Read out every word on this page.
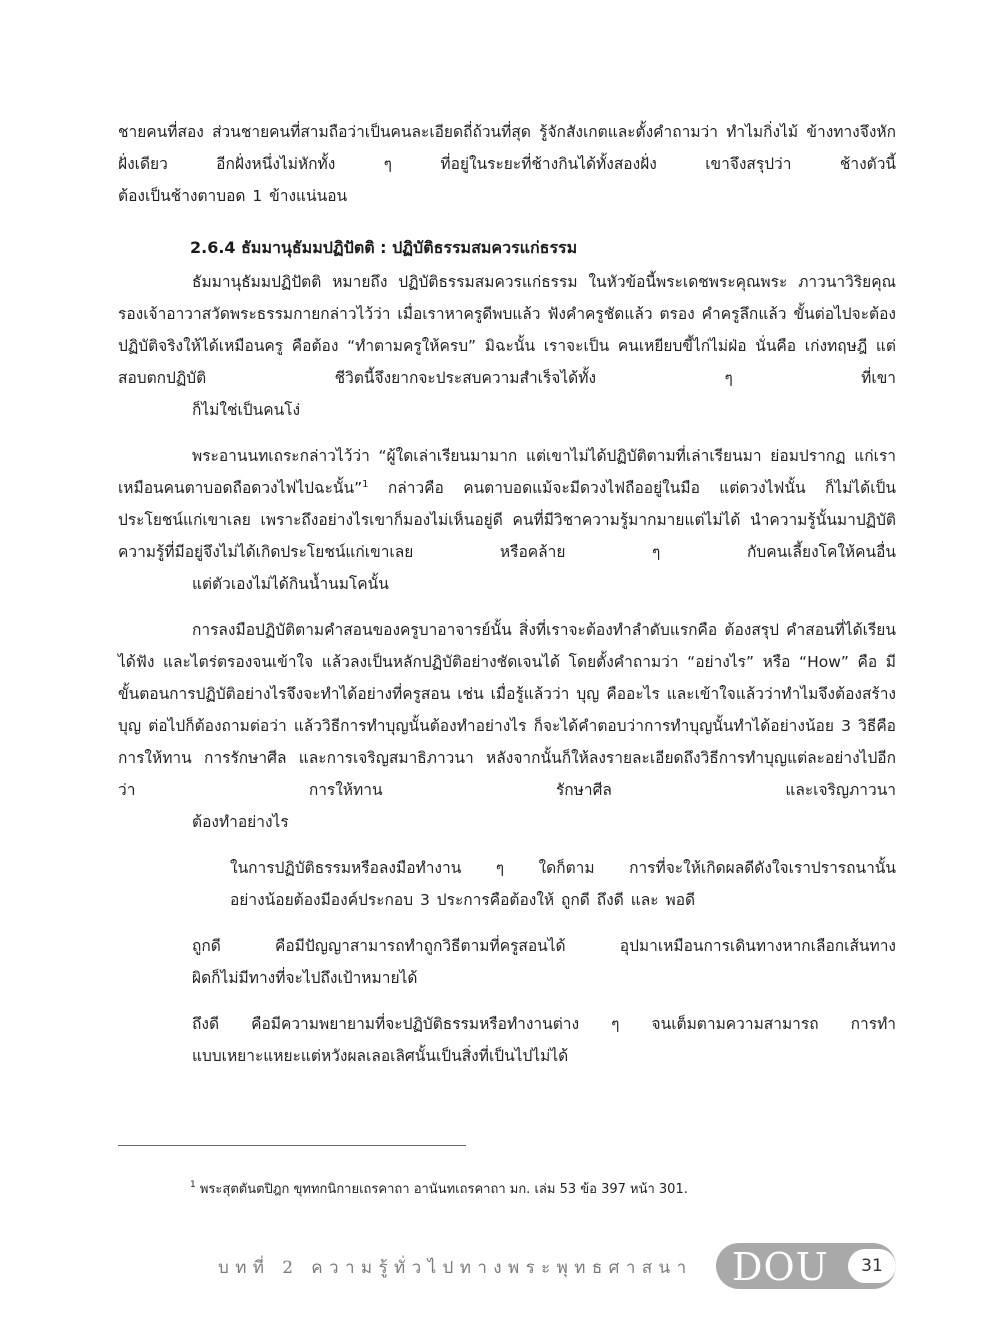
ชายคนที่สอง ส่วนชายคนที่สามถือว่าเป็นคนละเอียดถี่ถ้วนที่สุด รู้จักสังเกตและตั้งคำถามว่า ทำไมกิ่งไม้ ข้างทางจึงหักฝั่งเดียว อีกฝั่งหนึ่งไม่หักทั้ง ๆ ที่อยู่ในระยะที่ช้างกินได้ทั้งสองฝั่ง เขาจึงสรุปว่า ช้างตัวนี้
ต้องเป็นช้างตาบอด 1 ข้างแน่นอน

2.6.4 ธัมมานุธัมมปฏิปัตติ : ปฏิบัติธรรมสมควรแก่ธรรม

ธัมมานุธัมมปฏิปัตติ หมายถึง ปฏิบัติธรรมสมควรแก่ธรรม ในหัวข้อนี้พระเดชพระคุณพระ ภาวนาวิริยคุณ รองเจ้าอาวาสวัดพระธรรมกายกล่าวไว้ว่า เมื่อเราหาครูดีพบแล้ว ฟังคำครูชัดแล้ว ตรอง คำครูลึกแล้ว ขั้นต่อไปจะต้องปฏิบัติจริงให้ได้เหมือนครู คือต้อง “ทำตามครูให้ครบ” มิฉะนั้น เราจะเป็น คนเหยียบขี้ไก่ไม่ฝ่อ นั่นคือ เก่งทฤษฎี แต่สอบตกปฏิบัติ ชีวิตนี้จึงยากจะประสบความสำเร็จได้ทั้ง ๆ ที่เขา
ก็ไม่ใช่เป็นคนโง่

พระอานนทเถระกล่าวไว้ว่า “ผู้ใดเล่าเรียนมามาก แต่เขาไม่ได้ปฏิบัติตามที่เล่าเรียนมา ย่อมปรากฏ แก่เราเหมือนคนตาบอดถือดวงไฟไปฉะนั้น”$^1$ กล่าวคือ คนตาบอดแม้จะมีดวงไฟถืออยู่ในมือ แต่ดวงไฟนั้น ก็ไม่ได้เป็นประโยชน์แก่เขาเลย เพราะถึงอย่างไรเขาก็มองไม่เห็นอยู่ดี คนที่มีวิชาความรู้มากมายแต่ไม่ได้ นำความรู้นั้นมาปฏิบัติ ความรู้ที่มีอยู่จึงไม่ได้เกิดประโยชน์แก่เขาเลย หรือคล้าย ๆ กับคนเลี้ยงโคให้คนอื่น
แต่ตัวเองไม่ได้กินน้ำนมโคนั้น

การลงมือปฏิบัติตามคำสอนของครูบาอาจารย์นั้น สิ่งที่เราจะต้องทำลำดับแรกคือ ต้องสรุป คำสอนที่ได้เรียนได้ฟัง และไตร่ตรองจนเข้าใจ แล้วลงเป็นหลักปฏิบัติอย่างชัดเจนได้ โดยตั้งคำถามว่า “อย่างไร” หรือ “How” คือ มีขั้นตอนการปฏิบัติอย่างไรจึงจะทำได้อย่างที่ครูสอน เช่น เมื่อรู้แล้วว่า บุญ คืออะไร และเข้าใจแล้วว่าทำไมจึงต้องสร้างบุญ ต่อไปก็ต้องถามต่อว่า แล้ววิธีการทำบุญนั้นต้องทำอย่างไร ก็จะได้คำตอบว่าการทำบุญนั้นทำได้อย่างน้อย 3 วิธีคือ การให้ทาน การรักษาศีล และการเจริญสมาธิภาวนา หลังจากนั้นก็ให้ลงรายละเอียดถึงวิธีการทำบุญแต่ละอย่างไปอีกว่า การให้ทาน รักษาศีล และเจริญภาวนา
ต้องทำอย่างไร

ในการปฏิบัติธรรมหรือลงมือทำงาน ๆ ใดก็ตาม การที่จะให้เกิดผลดีดังใจเราปรารถนานั้น
อย่างน้อยต้องมีองค์ประกอบ 3 ประการคือต้องให้ ถูกดี ถึงดี และ พอดี

ถูกดี คือมีปัญญาสามารถทำถูกวิธีตามที่ครูสอนได้ อุปมาเหมือนการเดินทางหากเลือกเส้นทาง
ผิดก็ไม่มีทางที่จะไปถึงเป้าหมายได้

ถึงดี คือมีความพยายามที่จะปฏิบัติธรรมหรือทำงานต่าง ๆ จนเต็มตามความสามารถ การทำ
แบบเหยาะแหยะแต่หวังผลเลอเลิศนั้นเป็นสิ่งที่เป็นไปไม่ได้

$^1$ พระสุตตันตปิฎก ขุททกนิกายเถรคาถา อานันทเถรคาถา มก. เล่ม 53 ข้อ 397 หน้า 301.
บทที่ 2 ความรู้ทั่วไปทางพระพุทธศาสนา DOU	31
